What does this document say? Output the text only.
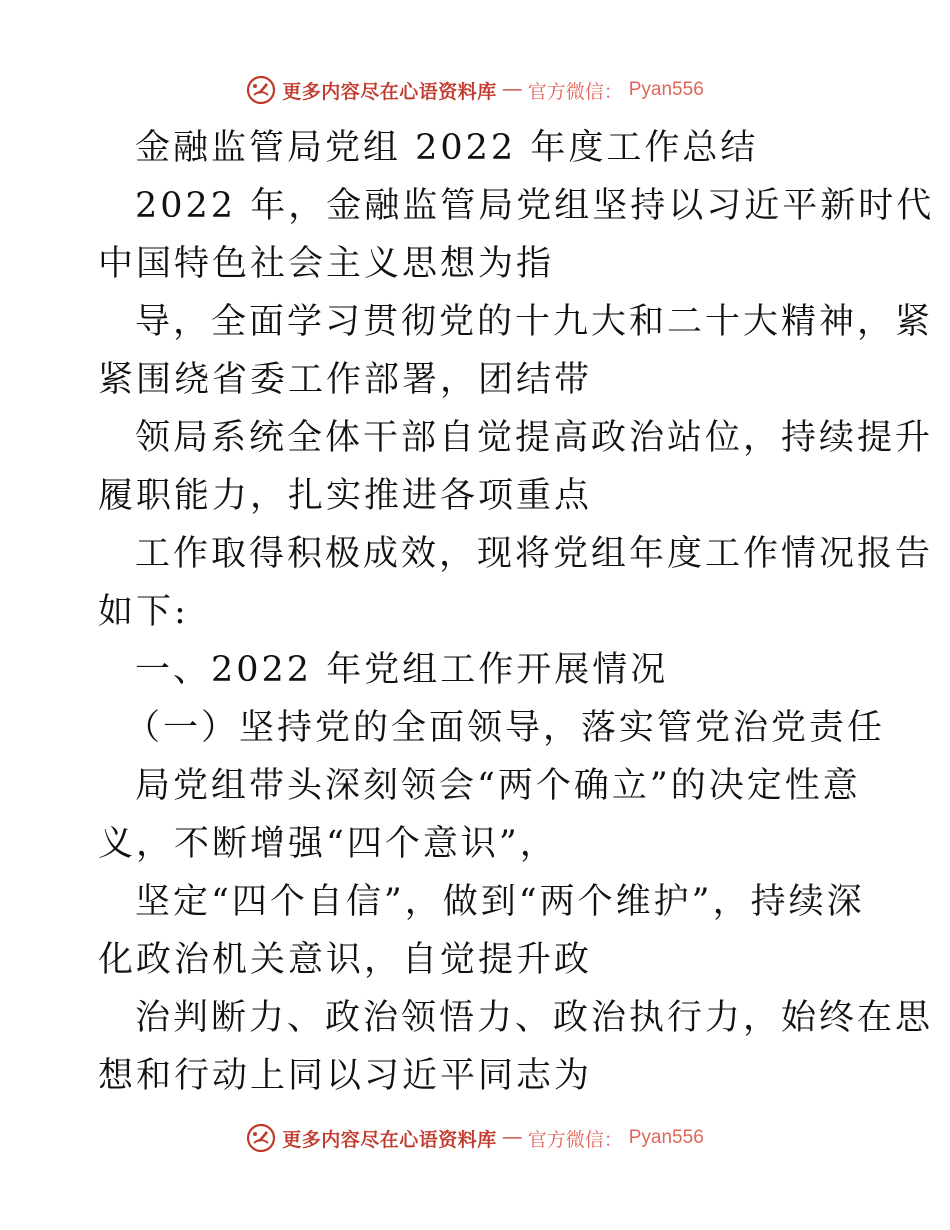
更多内容尽在心语资料库 — 官方微信： Pyan556
金融监管局党组 2022 年度工作总结
2022 年，金融监管局党组坚持以习近平新时代
中国特色社会主义思想为指
导，全面学习贯彻党的十九大和二十大精神，紧
紧围绕省委工作部署，团结带
领局系统全体干部自觉提高政治站位，持续提升
履职能力，扎实推进各项重点
工作取得积极成效，现将党组年度工作情况报告
如下:
一、2022 年党组工作开展情况
（一）坚持党的全面领导，落实管党治党责任
局党组带头深刻领会“两个确立”的决定性意
义，不断增强“四个意识”，
坚定“四个自信”，做到“两个维护”，持续深
化政治机关意识，自觉提升政
治判断力、政治领悟力、政治执行力，始终在思
想和行动上同以习近平同志为
更多内容尽在心语资料库 — 官方微信： Pyan556
